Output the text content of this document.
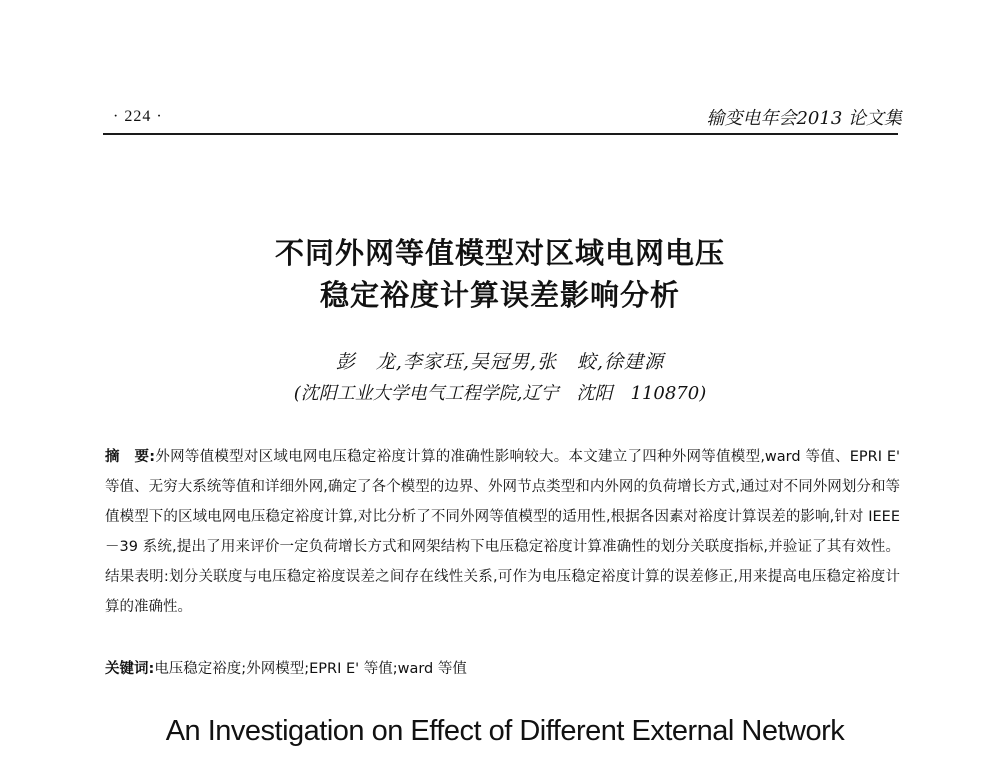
· 224 ·	输变电年会2013 论文集
不同外网等值模型对区域电网电压
稳定裕度计算误差影响分析
彭　龙,李家珏,吴冠男,张　蛟,徐建源
(沈阳工业大学电气工程学院,辽宁　沈阳　110870)
摘　要:外网等值模型对区域电网电压稳定裕度计算的准确性影响较大。本文建立了四种外网等值模型,ward 等值、EPRI E' 等值、无穷大系统等值和详细外网,确定了各个模型的边界、外网节点类型和内外网的负荷增长方式,通过对不同外网划分和等值模型下的区域电网电压稳定裕度计算,对比分析了不同外网等值模型的适用性,根据各因素对裕度计算误差的影响,针对 IEEE－39 系统,提出了用来评价一定负荷增长方式和网架结构下电压稳定裕度计算准确性的划分关联度指标,并验证了其有效性。结果表明:划分关联度与电压稳定裕度误差之间存在线性关系,可作为电压稳定裕度计算的误差修正,用来提高电压稳定裕度计算的准确性。
关键词:电压稳定裕度;外网模型;EPRI E' 等值;ward 等值
An Investigation on Effect of Different External Network
